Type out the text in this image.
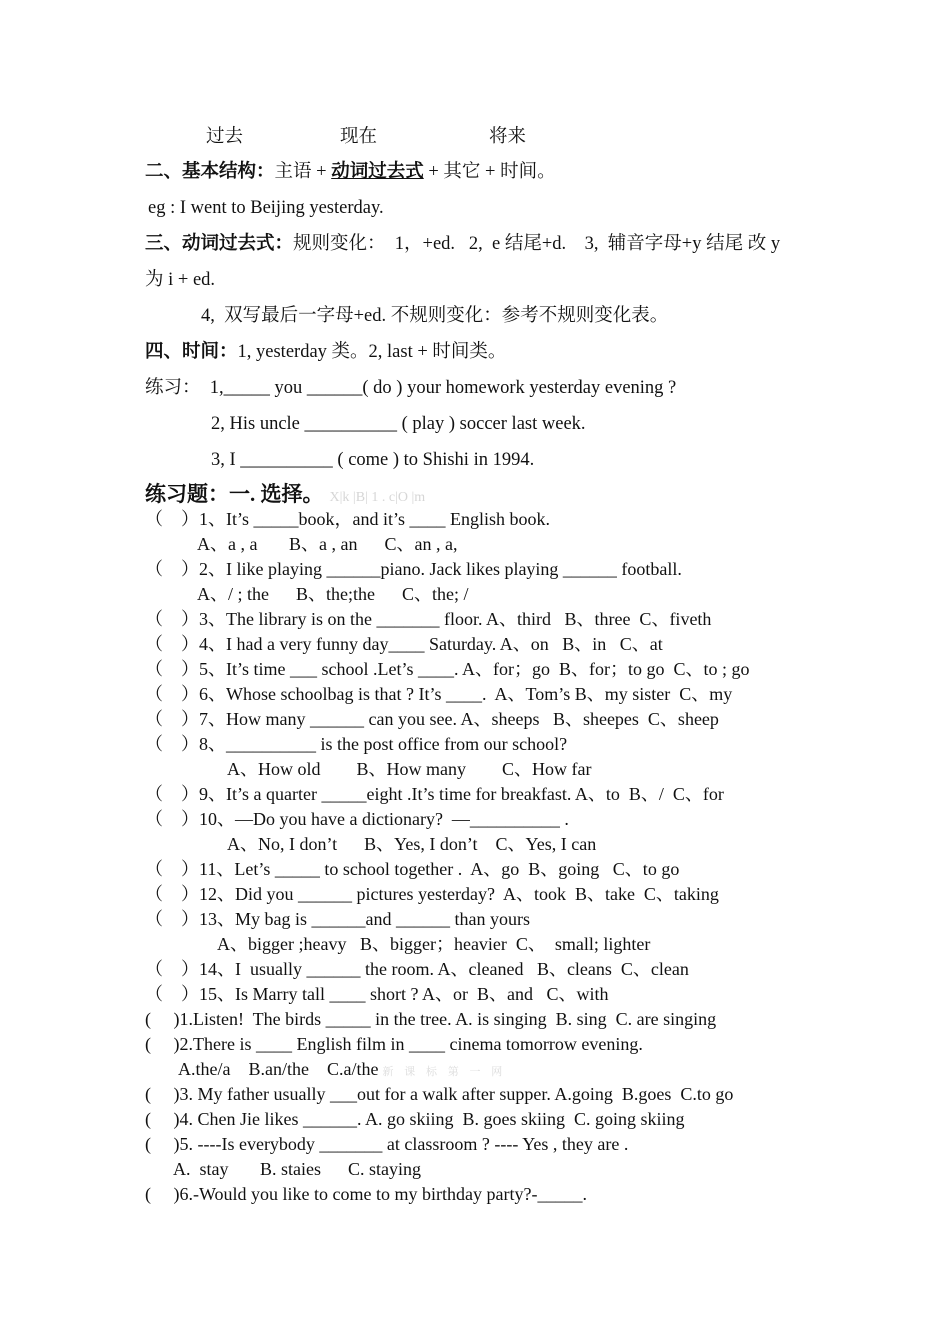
过去	现在	将来
二、基本结构：主语 + 动词过去式 + 其它 + 时间。
eg : I went to Beijing yesterday.
三、动词过去式：规则变化：  1，+ed.   2,  e 结尾+d.    3,  辅音字母+y 结尾 改 y
为 i + ed.
4,  双写最后一字母+ed. 不规则变化：参考不规则变化表。
四、时间：1, yesterday 类。2, last + 时间类。
练习：  1,_____ you ______( do ) your homework yesterday evening ?
2, His uncle __________ ( play ) soccer last week.
3, I __________ ( come ) to Shishi in 1994.
练习题：一. 选择。 X|k |B| 1 . c|O |m
（    ）1、It’s _____book，and it’s ____ English book.
A、a , a       B、a , an      C、an , a,
（    ）2、I like playing ______piano. Jack likes playing ______ football.
A、/ ; the      B、the;the      C、the; /
（    ）3、The library is on the _______ floor. A、third   B、three  C、fiveth
（    ）4、I had a very funny day____ Saturday. A、on   B、in   C、at
（    ）5、It’s time ___ school .Let’s ____. A、for；go  B、for；to go  C、to ; go
（    ）6、Whose schoolbag is that ? It’s ____.  A、Tom’s B、my sister  C、my
（    ）7、How many ______ can you see. A、sheeps   B、sheepes  C、sheep
（    ）8、__________ is the post office from our school?
A、How old        B、How many        C、How far
（    ）9、It’s a quarter _____eight .It’s time for breakfast. A、to  B、/  C、for
（    ）10、—Do you have a dictionary?  —__________ .
A、No, I don’t      B、Yes, I don’t    C、Yes, I can
（    ）11、Let’s _____ to school together .  A、go  B、going   C、to go
（    ）12、Did you ______ pictures yesterday?  A、took  B、take  C、taking
（    ）13、My bag is ______and ______ than yours
A、bigger ;heavy   B、bigger；heavier  C、  small; lighter
（    ）14、I  usually ______ the room. A、cleaned   B、cleans  C、clean
（    ）15、Is Marry tall ____ short ? A、or  B、and   C、with
(     )1.Listen!  The birds _____ in the tree. A. is singing  B. sing  C. are singing
(     )2.There is ____ English film in ____ cinema tomorrow evening.
A.the/a    B.an/the    C.a/the 新 课 标 第 一 网
(     )3. My father usually ___out for a walk after supper. A.going  B.goes  C.to go
(     )4. Chen Jie likes ______. A. go skiing  B. goes skiing  C. going skiing
(     )5. ----Is everybody _______ at classroom ? ---- Yes , they are .
A.  stay       B. staies      C. staying
(     )6.-Would you like to come to my birthday party?-_____.
